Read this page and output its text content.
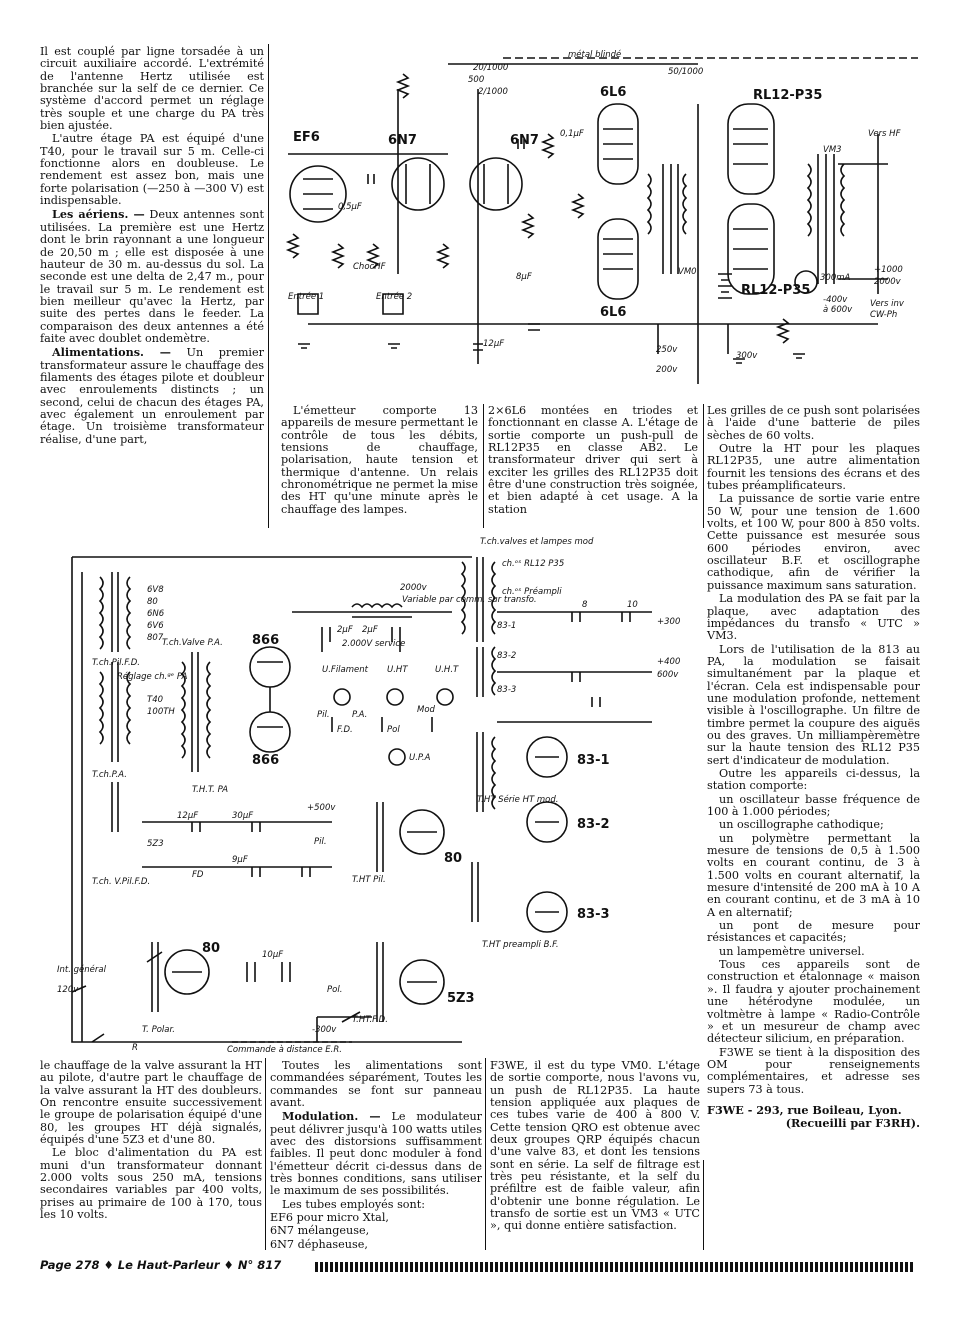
EF6	6N7	6N7
6L6
6L6
RL12-P35
RL12-P35
ChocHF
Entrée 1	Entrée 2
VM0
VM3
Vers HF
Vers inv
CW-Ph
250v
200v
300v
12µF
8µF	300mA
+1000
2000v
-400v
à 600v
0,1µF
500
2/1000
20/1000	50/1000
métal blindé
0,5µF

Il est couplé par ligne torsadée à un circuit auxiliaire accordé. L'extrémité de l'antenne Hertz utilisée est branchée sur la self de ce dernier. Ce système d'accord permet un réglage très souple et une charge du PA très bien ajustée.

L'autre étage PA est équipé d'une T40, pour le travail sur 5 m. Celle-ci fonctionne alors en doubleuse. Le rendement est assez bon, mais une forte polarisation (—250 à —300 V) est indispensable.

Les aériens. — Deux antennes sont utilisées. La première est une Hertz dont le brin rayonnant a une longueur de 20,50 m ; elle est disposée à une hauteur de 30 m. au-dessus du sol. La seconde est une delta de 2,47 m., pour le travail sur 5 m. Le rendement est bien meilleur qu'avec la Hertz, par suite des pertes dans le feeder. La comparaison des deux antennes a été faite avec doublet ondemètre.

Alimentations. — Un premier transformateur assure le chauffage des filaments des étages pilote et doubleur avec enroulements distincts ; un second, celui de chacun des étages PA, avec également un enroulement par étage. Un troisième transformateur réalise, d'une part,

L'émetteur comporte 13 appareils de mesure permettant le contrôle de tous les débits, tensions de chauffage, polarisation, haute tension et thermique d'antenne. Un relais chronométrique ne permet la mise des HT qu'une minute après le chauffage des lampes.

2×6L6 montées en triodes et fonctionnant en classe A. L'étage de sortie comporte un push-pull de RL12P35 en classe AB2. Le transformateur driver qui sert à exciter les grilles des RL12P35 doit être d'une construction très soignée, et bien adapté à cet usage. A la station

Les grilles de ce push sont polarisées à l'aide d'une batterie de piles sèches de 60 volts.

Outre la HT pour les plaques RL12P35, une autre alimentation fournit les tensions des écrans et des tubes préamplificateurs.

La puissance de sortie varie entre 50 W, pour une tension de 1.600 volts, et 100 W, pour 800 à 850 volts. Cette puissance est mesurée sous 600 périodes environ, avec oscillateur B.F. et oscillographe cathodique, afin de vérifier la puissance maximum sans saturation.

La modulation des PA se fait par la plaque, avec adaptation des impédances du transfo « UTC » VM3.

Lors de l'utilisation de la 813 au PA, la modulation se faisait simultanément par la plaque et l'écran. Cela est indispensable pour une modulation profonde, nettement visible à l'oscillographe. Un filtre de timbre permet la coupure des aiguës ou des graves. Un milliampèremètre sur la haute tension des RL12 P35 sert d'indicateur de modulation.

Outre les appareils ci-dessus, la station comporte:

un oscillateur basse fréquence de 100 à 1.000 périodes;

un oscillographe cathodique;

un polymètre permettant la mesure de tensions de 0,5 à 1.500 volts en courant continu, de 3 à 1.500 volts en courant alternatif, la mesure d'intensité de 200 mA à 10 A en courant continu, et de 3 mA à 10 A en alternatif;

un pont de mesure pour résistances et capacités;

un lampemètre universel.

Tous ces appareils sont de construction et étalonnage « maison ». Il faudra y ajouter prochainement une hétérodyne modulée, un voltmètre à lampe « Radio-Contrôle » et un mesureur de champ avec détecteur silicium, en préparation.

F3WE se tient à la disposition des OM pour renseignements complémentaires, et adresse ses supers 73 à tous.

F3WE - 293, rue Boileau, Lyon.

(Recueilli par F3RH).

866
866
80
80
5Z3
83-1
83-2
83-3
T.ch.valves et lampes mod
ch.ᵒˢ RL12 P35
ch.ᵒˢ Préampli
83-1
83-2
83-3
T.ch.Pil.F.D.
Réglage ch.ᵍᵉ PA
T.ch.P.A.
T.ch.Valve P.A.
T.H.T. PA
2000v
Variable par comm. sur transfo.
2µF 2µF
2.000V service
U.Filament U.HT	U.H.T
Pil.	P.A.
F.D.	Pol
Mod
U.P.A
T.HT Série HT mod.
T.HT Pil.
T.HT preampli B.F.
T.ch. V.Pil.F.D.
T.HT.F.D.
T. Polar.
Int. général
120v
R	Commande à distance E.R.
+500v
12µF	30µF
9µF
+300
+400
600v
8	10
6V8
80
T40
6N6
6V6
807
100TH
5Z3
Pol.
-300v
Pil.
FD
10µF

le chauffage de la valve assurant la HT au pilote, d'autre part le chauffage de la valve assurant la HT des doubleurs. On rencontre ensuite successivement le groupe de polarisation équipé d'une 80, les groupes HT déjà signalés, équipés d'une 5Z3 et d'une 80.

Le bloc d'alimentation du PA est muni d'un transformateur donnant 2.000 volts sous 250 mA, tensions secondaires variables par 400 volts, prises au primaire de 100 à 170, tous les 10 volts.

Toutes les alimentations sont commandées séparément, Toutes les commandes se font sur panneau avant.

Modulation. — Le modulateur peut délivrer jusqu'à 100 watts utiles avec des distorsions suffisamment faibles. Il peut donc moduler à fond l'émetteur décrit ci-dessus dans de très bonnes conditions, sans utiliser le maximum de ses possibilités.

Les tubes employés sont:

EF6 pour micro Xtal,

6N7 mélangeuse,

6N7 déphaseuse,

F3WE, il est du type VM0. L'étage de sortie comporte, nous l'avons vu, un push de RL12P35. La haute tension appliquée aux plaques de ces tubes varie de 400 à 800 V. Cette tension QRO est obtenue avec deux groupes QRP équipés chacun d'une valve 83, et dont les tensions sont en série. La self de filtrage est très peu résistante, et la self du préfiltre est de faible valeur, afin d'obtenir une bonne régulation. Le transfo de sortie est un VM3 « UTC », qui donne entière satisfaction.

Page 278 ♦ Le Haut-Parleur ♦ N° 817
